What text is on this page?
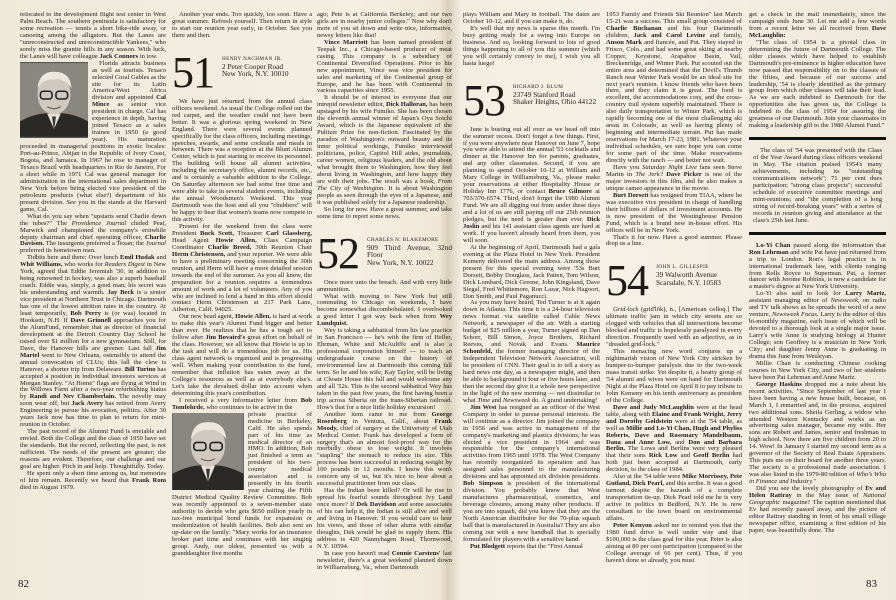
relocated to the development flight test center in West Palm Beach. The southern peninsula is satisfactory for some recreation — tennis a short bike-ride away, or canoeing among the alligators. But the Lanes are "unreconstructed and unreconstructible Yankees," who sorely miss the granite hills in any season. With luck, the Lanes will have colleague Jack Connors in tow.

Florida attracts business as well as tourists. Texaco selected Coral Gables as the site for its Latin America/West Africa division and appointed Cal Mince as senior vice president in charge. Cal has experience in depth, having joined Texaco as a sales trainee in 1950 (a good year). His maturation proceeded in managerial positions in exotic locales: Port-au-Prince, Abijan in the Republic of Ivory Coast, Bogota, and Jamaica. In 1967 he rose to manager of Texaco Brazil with headquarters in Rio de Janeiro. For a short while in 1971 Cal was general manager for administration in the international sales department in New York before being elected vice president of the petroleum products (what else?) department of his present division. See you in the stands at the Harvard game, Cal.

What do you say when "upstarts send Charlie down the tubes?" The Providence Journal chided Peat, Marwick and championed the company's erstwhile deputy chairman and chief operating officer, Charlie Davison. The insurgents preferred a Texan; the Journal preferred its hometown man.

Tidbits here and there: Over lunch Emil Hudak and Whit Williams, who works for Readers Digest in New York, agreed that Eddie Jeremiah '30, in addition to being renowned in hockey, was also a superb baseball coach. Eddie was, simply, a good man; his secret was his understanding and warmth. Jay Beck is a senior vice president at Northern Trust in Chicago. Dartmouth has one of the lowest attrition rates in the country. At least temporarily, Bob Perry is (or was) located in Hooksett, N.H. If Dave Grinnell approaches you for the AlumFund, remember that as director of financial development at the Detroit Country Day School he raised over $1 million for a new gymnasium. Still, for Dave, the Hanover hills are greener. Last fall Jim Martel went to New Orleans, ostensibly to attend the annual convocation of CLUs; this fall the clew is Hanover, a shorter trip from Delaware. Bill Turino has accepted a position in individual investors services at Morgan Stanley. "At Home" flags are flying at Wind in the Willows Farm after a two-year refurbishing hiatus by Randi and Nev Chamberlain. The novelty may soon wear off, but Jack Avery has retired from Avery Engineering to pursue his avocation, politics. After 30 years Jack now has time to plan to return for mini-reunion in October.

The past record of the Alumni Fund is enviable and envied. Both the College and the class of 1950 have set the standards. But the record, reflecting the past, is not sufficient. The needs of the present are greater; the reasons are evident. Therefore, our challenge and our goal are higher. Pitch in and help. Thoughtfully. Today.

He spent only a short time among us, but memories of him remain. Recently we heard that Frank Rom died in August 1979.

Another year ends. Too quickly, too soon. Have a great summer. Refresh yourself. Then return in style to start our reunion year early, in October. See you there and then.

51 HENRY NACHMAN JR.
2 Peter Cooper Road
New York, N.Y. 10010

We have just returned from the annual class officers weekend. As usual the College rolled out the red carpet, and the weather could not have been better. It was a glorious spring weekend in New England. There were several events planned specifically for the class officers, including meetings, speeches, awards, and some cocktails and meals in between. There was a reception at the Blunt Alumni Center, which is just starting to receive its personnel. The building will house all alumni activities, including the secretary's office, alumni records, etc., and is certainly a valuable addition to the College. On Saturday afternoon we had some free time and were able to take in several student events, including the annual Woodsmen's Weekend. This year Dartmouth was the host and all you "chubbers" will be happy to hear that women's teams now compete in this activity.

Present for the weekend from the class were President Buck Scott, Treasurer Carl Glassberg, Head Agent Howie Allen, Class Campaign Coordinator Charlie Breed, 30th Reunion Chair Herm Christensen, and your reporter. We were able to have a preliminary meeting concerning the 30th reunion, and Herm will have a more detailed session towards the end of the summer. As you all know, the preparation for a reunion requires a tremendous amount of work and a lot of volunteers. Any of you who are inclined to lend a hand in this effort should contact Herm Christensen at 217 Park Lane, Atherton, Calif. 94025.

Our new head agent, Howie Allen, is hard at work to make this year's Alumni Fund bigger and better than ever. He realizes that he has a tough act to follow after Jim Bovaird's great effort on behalf of the class. However, we all know that Howie is up to the task and will do a tremendous job for us. His class agent network is organized and is progressing well. When making your contribution to the fund, remember that inflation has eaten away at the College's resources as well as at everybody else's. Let's take the devalued dollar into account when determining this year's contribution.

I received a very informative letter from Bob Tomfohrde, who continues to be active in the

private practice of medicine in Berkeley, Calif. He also spends part of his time as medical director of an HMO. In addition, Bob just finished a term as president of his two-county medical association and is presently in his fourth year chairing the Fifth District Medical Quality Review Committee. Bob was recently appointed to a seven-member state authority to decide who gets $650 million yearly in tax-free municipal bond funds for expansion or modernization of health facilities. Bob also sent an up-date on the family: "Mary works for an insurance broker part time and continues with her singing group. Andy, our oldest, presented us with a granddaughter five months

ago; Pete is at California Berkeley; and our two girls are in nearby junior colleges." Now why don't more of you sit down and write nice, informative, newsy letters like that!

Vince Marriott has been named president of Teepak Inc., a Chicago-based producer of meat casing. This company is a subsidiary of Continental Diversified Operations. Prior to his new appointment, Vince was vice president for sales and marketing of the Continental group of Europe, and he has been with Continental in various capacities since 1955.

It should be of interest to everyone that our intrepid newsletter editor, Dick Halloran, has been upstaged by his wife Fumiko. She has been chosen the eleventh annual winner of Japan's Oya Soichi Award, which is the Japanese equivalent of the Pulitzer Prize for non-fiction. Fascinated by the paradox of Washington's outward beauty and its inner political workings, Fumiko interviewed politicians, police, Capitol Hill aides, journalists, career women, religious leaders, and the old about what brought them to Washington, how they feel about living in Washington, and how happy they are with their jobs. The result was a book, From The City of Washington. It is about Washington people as seen through the eyes of a Japanese, and it was published solely for a Japanese readership.

So long for now. Have a great summer, and take some time to report some news.

52 CHARLES N. BLAKEMORE
909 Third Avenue, 32nd Floor
New York, N.Y. 10022

Once more unto the breach. And with very little ammunition.

What with moving to New York but still commuting to Chicago on weekends, I have become somewhat discombobulated. I overlooked a good letter I got way back when from Wey Lundquist.

Wey is taking a sabbatical from his law practice in San Francisco — he's with the firm of Heller, Ehrman, White and McAuliffe and is also a professional corporation himself — to teach an undergraduate course on the history of environmental law at Dartmouth this coming fall term. So he and his wife, Kay Taylor, will be living at Choate House this fall and would welcome any and all '52s. This is the second sabbatical Wey has taken in the past five years, the first having been a trip across Siberia on the trans-Siberian railroad. How's that for a nice little holiday excursion!

Another item came to me from George Rosenberg in Ventura, Calif., about Frank Moody, chief of surgery at the University of Utah Medical Center. Frank has developed a form of surgery that's an almost fool-proof way for the morbidly obese to lose weight. It involves "stapling" the stomach to reduce its size. This process has been successful in reducing weight by 100 pounds in 12 months. I know this won't concern any of us, but it's nice to hear about a successful practitioner from our class.

Has the Indian been killed? Or will he rise to spread his fearful sounds throughout Ivy Land once more? If Dek Davidson and some associates of his can help it, the Indian is still alive and well and living in Hanover. If you would care to hear his views, and those of other alums with similar thoughts, Dek would be glad to supply them. His address is 420 Nannyhagen Road, Thornwood, N.Y. 10594.

In case you haven't read Connie Carstens' last newsletter, there's a great weekend planned down in Williamsburg, Va., when Dartmouth

82

plays William and Mary in football. The dates are October 10-12, and if you can make it, do.

It's well that my news is sparse this month. I'm busy getting ready for a swing into Europe on business. And so, looking forward to lots of good things happening to all of you this summer (which you will certainly convey to me), I wish you all hasta luego!

53 RICHARD J. BLUM
23749 Stanford Road
Shaker Heights, Ohio 44122

June is busting out all over as we head off into the summer recess. Don't forget a few things. First, if you were anywhere near Hanover on June 7, hope you were able to attend the annual '53 cocktails and dinner at the Hanover Inn for parents, graduates, and any other classmates. Second, if you are planning to spend October 10-12 at William and Mary College in Williamsburg, Va., please make your reservations at either Hospitality House or Holiday Inn 1776, or contact Bruce Gilmore at 703/370-6574. Third, don't forget the 1980 Alumni Fund. We are all digging out from under these days and a lot of us are still paying off our 25th reunion pledges, but the need is greater than ever. Dick Joslin and his 141 assistant class agents are hard at work. If you haven't already heard from them, you will soon.

At the beginning of April, Dartmouth had a gala evening at the Plaza Hotel in New York. President Kemeny delivered the main address. Among those present for this special evening were '53s Burt Dorsett, Bobby Douglass, Jack Patten, Tom Wilson, Dick Lombard, Dick Greene, John Kingsland, Dave Siegal, Fred Whittemore, Ron Lazar, Nick Hagoort, Don Smith, and Paul Paganucci.

As you may have heard, Ted Turner is at it again down in Atlanta. This time it is a 24-hour television news format via satellite called Cable News Network, a newspaper of the air. With a starting budget of $25 million a year, Turner signed up Dan Schorr, Bill Simon, Joyce Brothers, Richard Reeves, and Novak and Evans. Maurice Schonfeld, the former managing director of the Independent Television Network Association, will be president of CNN. Their goal is to tell a story as hard news one day, as a newspaper might, and then be able to background it four or five hours later, and then the second day give it a whole new perspective in the light of the new morning — not dissimilar to what Time and Newsweek do. A grand undertaking!

Jim West has resigned as an officer of the West Company in order to pursue personal interests. He will continue as a director. Jim joined the company in 1956 and was active in management of the company's marketing and plastics divisions; he was elected a vice president in 1964 and was responsible for the company's international activities from 1965 until 1978. The West Company has recently reorganized its operation and has assigned sales personnel to the manufacturing divisions and has appointed six division presidents. Bob Simpson is president of the international division. You probably know that West manufactures pharmaceutical, cosmetics, and beverage closures, among many other products. If you are into squash, did you know that they are the North American distributor for the 70-plus squash ball that is manufactured in Australia? They are also coming out with a new handball that is specially formulated for players with a sensitive hand.

Put Blodgett reports that the "First Annual

1953 Family and Friends Ski Reunion" last March 15-21 was a success. This small group consisted of Charlie Buchanan and his four Dartmouth children, Jack and Carol Levine and family, Anson Mark and fiancée, and Put. They stayed in Frisco, Colo., and had some great skiing at nearby Copper, Keystone, Arapahoe Basin, Vail, Breckenridge, and Winter Park. Put scouted out the entire area and determined that the Devil's Thumb Ranch near Winter Park would be an ideal site for next year's reunion. I know friends who have been there, and they claim it is great. The food is excellent, the accommodations cosy, and the cross-country trail system superbly maintained. There is also daily transportation to Winter Park, which is rapidly becoming one of the most challenging ski areas in Colorado, as well as having plenty of beginning and intermediate terrain. Put has made reservations for March 17-23, 1981. Whatever your individual schedules, we sure hope you can come for some part of the time. Make reservations directly with the ranch — and better not wait.

Have you Saturday Night Live fans seen Steve Martin in The Jerk? Dave Picker is one of the major investors in this film, and he also makes a unique cameo appearance in the movie.

Burt Dorsett has resigned from TIAA, where he was executive vice president in charge of handling their billions of dollars of investment accounts. He is now president of the Westinghouse Pension Fund, which is a brand new in-house effort. His offices will be in New York.

That's it for now. Have a good summer. Please drop us a line.

54 JOHN L. GILLESPIE
39 Walworth Avenue
Scarsdale, N.Y. 10583

Grid-lock (grid'lŏk), n., [American colloq.] The ultimate traffic jam in which city streets are so clogged with vehicles that all intersections become blocked and traffic is hopelessly paralyzed in every direction. Frequently used with an adjective, as in "dreaded grid-lock."

This menacing new word conjures up a nightmarish vision of New York City stricken by bumper-to-bumper paralysis due to the two-week mass transit strike. Yet despite it, a hearty group of '54 alumni and wives were on hand for Dartmouth Night at the Plaza Hotel on April 8 to pay tribute to John Kemeny on his tenth anniversary as president of the College.

Dave and Judy McLaughlin were at the head table, along with Elaine and Frank Wright, Jerry and Dorothy Goldstein were at the '54 table, as well as Millie and Lo-Yi Chan, Hugh and Phyliss Roberts, Dave and Rosemary Mandelbaum, Dana and Anne Low, and Don and Barbara Berlin. The Lows and Berlins were very pleased that their sons Rick Low and Geoff Berlin had both just been accepted at Dartmouth, early decision, to the class of 1984.

Also at the '54 table were Mike Morrissey, Pete Gutland, Dick Pearl, and this scribe. It was a good turnout despite the hazards of a complete transportation tie-up. Dick Pearl told me he is very active in politics in Bedford, N.Y. He is now consultant to the town board on environmental affairs.

Peter Kenyon asked me to remind you that the 1980 fund drive is well under way and that $100,000 is the class goal for this year. Peter is also aiming at 80 per cent participation (compared to the College average of 66 per cent). Thus, if you haven't done so already, you must

get a check in the mail immediately, since the campaign ends June 30. Let me add a few words from a recent letter we all received from Dave McLaughlin:

"The class of 1954 is a pivotal class in determining the future of Dartmouth College. The older classes which have helped to establish Dartmouth's pre-eminence in higher education have now passed that responsibility on to the classes of the fifties, and because of our success and leadership, '54 is clearly identified as the primary group from which other classes will take their lead. As we are each indebted to Dartmouth for the opportunities she has given us, the College is indebted to the class of 1954 for assuring the greatness of our Dartmouth. Join your classmates in making a leadership gift to the 1980 Alumni Fund."

The class of '54 was presented with the Class of the Year Award during class officers weekend in May. The citation praised 1954's many achievements, including its "outstanding communications network"; 71 per cent dues participation; "strong class projects"; successful schedule of executive committee meetings and mini-reunions; and "the completion of a long string of record-breaking years" with a series of records in reunion giving and attendance at the class's 25th last June.

Lo-Yi Chan passed along the information that Ron Lehrman and wife Pat have just returned from a trip to London. Ron's legal practice is in international trademark law, with clients ranging from Rolls Royce to Superman. Pat, a former dancer with Jerome Robbins, is now a candidate for a master's degree at New York University.

Lo-Yi also said to look for Larry Martz, assistant managing editor of Newsweek, on radio and TV talk shows as he spreads the word of a new venture, Newsweek Focus. Larry is the editor of this bi-monthly magazine, each issue of which will be devoted to a thorough look at a single major issue. Larry's wife Anne is studying biology at Hunter College; son Geoffrey is a musician in New York City; and daughter Jenny Anne is graduating in drama this June from Wesleyan.

Millie Chan is conducting Chinese cooking courses in New York City, and two of her students have been Pat Lehrman and Anne Martz.

George Haskins dropped me a note about his recent activities. "Since September of last year I have been having a new house built, because, on March 1, I remarried and, in the process, acquired two additional sons. Sheila Gerling, a widow who attended Western Kentucky and works as an advertising sales manager, became my wife. Her sons are Robert and James, senior and freshman in high school. Now there are five children from 20 to 14. Wow! In January I started my second term as a governor of the Society of Real Estate Appraisers. This puts me on their board for another three years. The society is a professional trade association. I was also listed in the 1979-80 edition of Who's Who in Finance and Industry."

Did you see the lovely photography of Ev and Helen Rattray in the May issue of National Geographic magazine? The caption mentioned that Ev had recently passed away, and the picture of editor Rattray standing in front of his small village newspaper office, examining a first edition of his paper, was beautifully done. The

83
